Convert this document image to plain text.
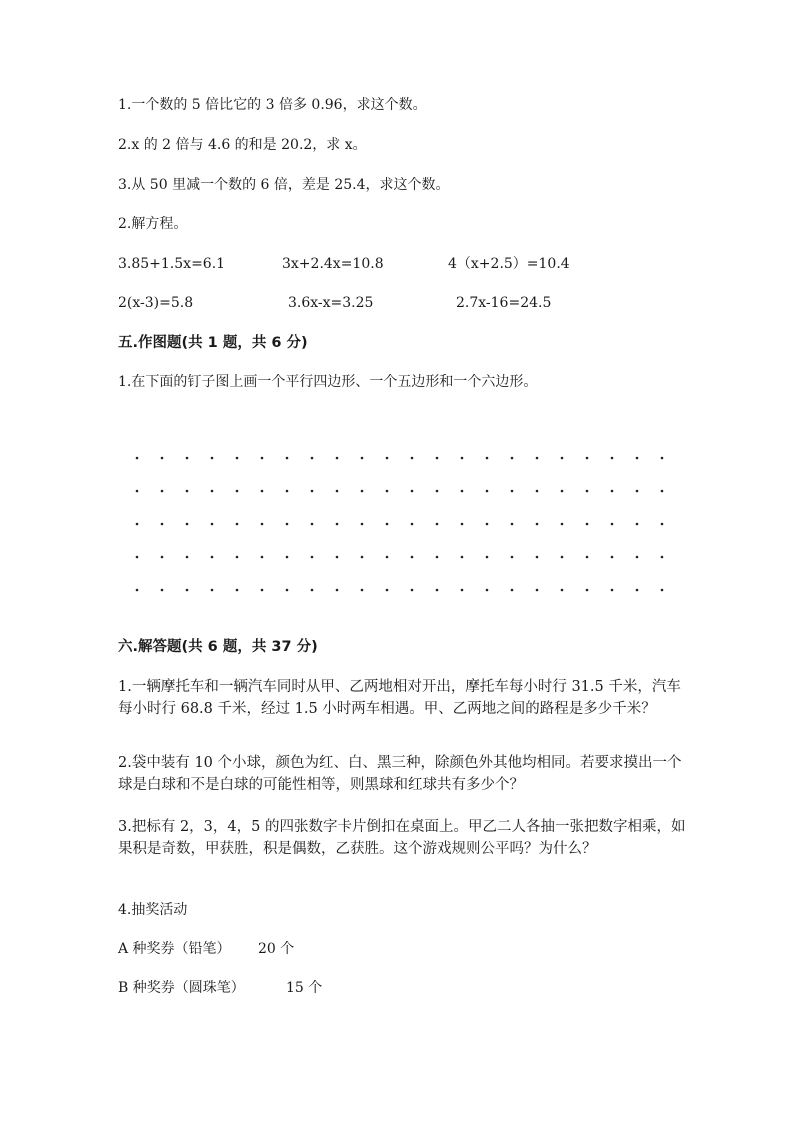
1.一个数的 5 倍比它的 3 倍多 0.96，求这个数。
2.x 的 2 倍与 4.6 的和是 20.2，求 x。
3.从 50 里减一个数的 6 倍，差是 25.4，求这个数。
2.解方程。
3.85+1.5x=6.1	3x+2.4x=10.8	4（x+2.5）=10.4
2(x-3)=5.8	3.6x-x=3.25	2.7x-16=24.5
五.作图题(共 1 题，共 6 分)
1.在下面的钉子图上画一个平行四边形、一个五边形和一个六边形。
六.解答题(共 6 题，共 37 分)
1.一辆摩托车和一辆汽车同时从甲、乙两地相对开出，摩托车每小时行 31.5 千米，汽车每小时行 68.8 千米，经过 1.5 小时两车相遇。甲、乙两地之间的路程是多少千米？
2.袋中装有 10 个小球，颜色为红、白、黑三种，除颜色外其他均相同。若要求摸出一个球是白球和不是白球的可能性相等，则黑球和红球共有多少个？
3.把标有 2，3，4，5 的四张数字卡片倒扣在桌面上。甲乙二人各抽一张把数字相乘，如果积是奇数，甲获胜，积是偶数，乙获胜。这个游戏规则公平吗？为什么？
4.抽奖活动
A 种奖券（铅笔） 20 个
B 种奖券（圆珠笔）	15 个
